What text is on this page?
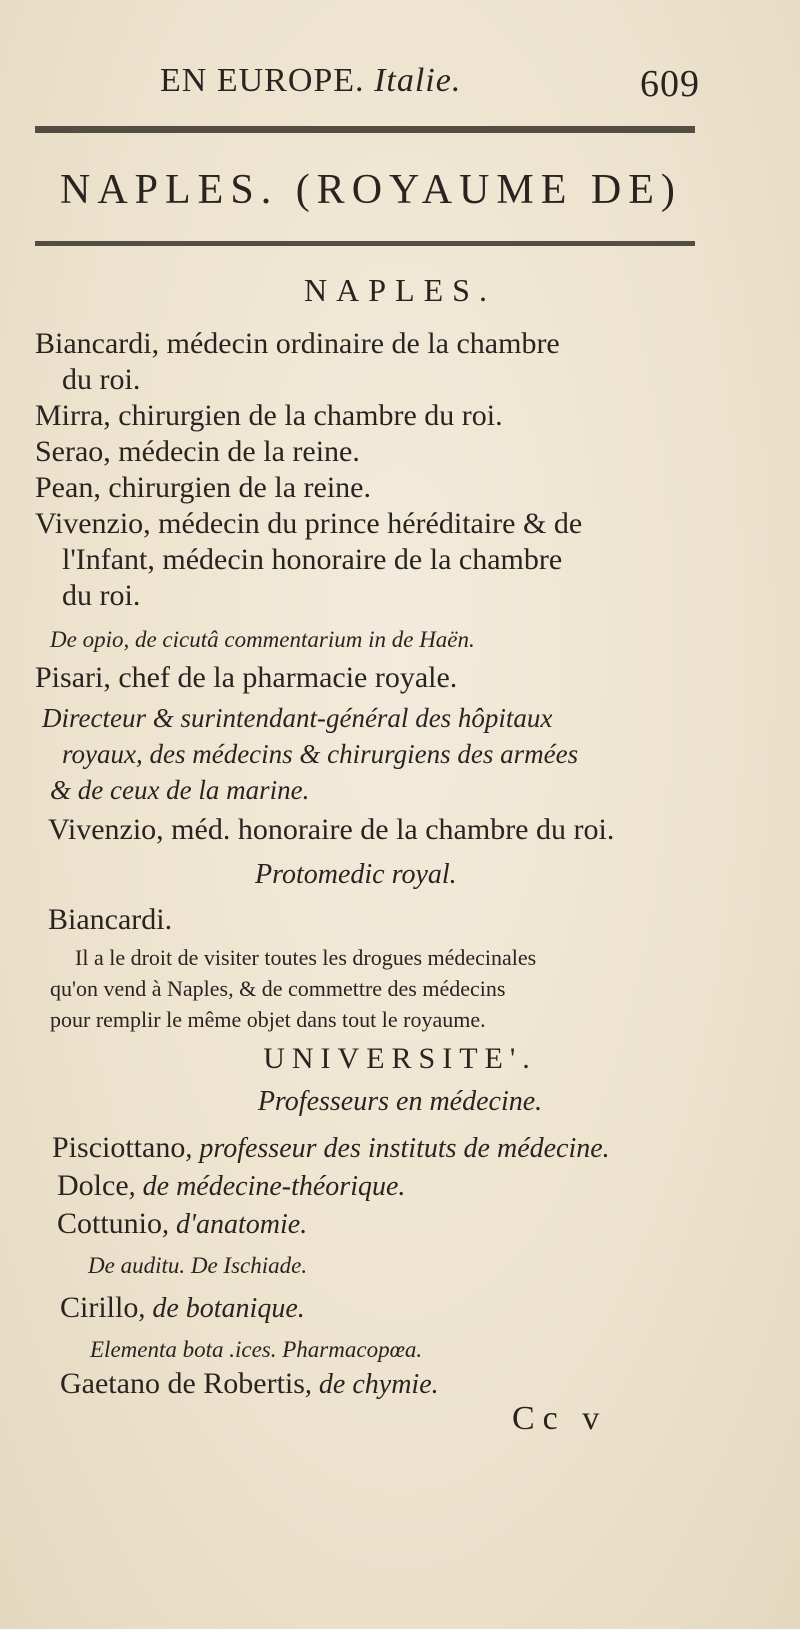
EN EUROPE. Italie.	609
NAPLES. (ROYAUME DE)
NAPLES.
Biancardi, médecin ordinaire de la chambre
du roi.
Mirra, chirurgien de la chambre du roi.
Serao, médecin de la reine.
Pean, chirurgien de la reine.
Vivenzio, médecin du prince héréditaire & de
l'Infant, médecin honoraire de la chambre
du roi.
De opio, de cicutâ commentarium in de Haën.
Pisari, chef de la pharmacie royale.
Directeur & surintendant-général des hôpitaux
royaux, des médecins & chirurgiens des armées
& de ceux de la marine.
Vivenzio, méd. honoraire de la chambre du roi.
Protomedic royal.
Biancardi.
Il a le droit de visiter toutes les drogues médecinales
qu'on vend à Naples, & de commettre des médecins
pour remplir le même objet dans tout le royaume.
UNIVERSITE'.
Professeurs en médecine.
Pisciottano, professeur des instituts de médecine.
Dolce, de médecine-théorique.
Cottunio, d'anatomie.
De auditu. De Ischiade.
Cirillo, de botanique.
Elementa bota .ices. Pharmacopœa.
Gaetano de Robertis, de chymie.
Cc v
